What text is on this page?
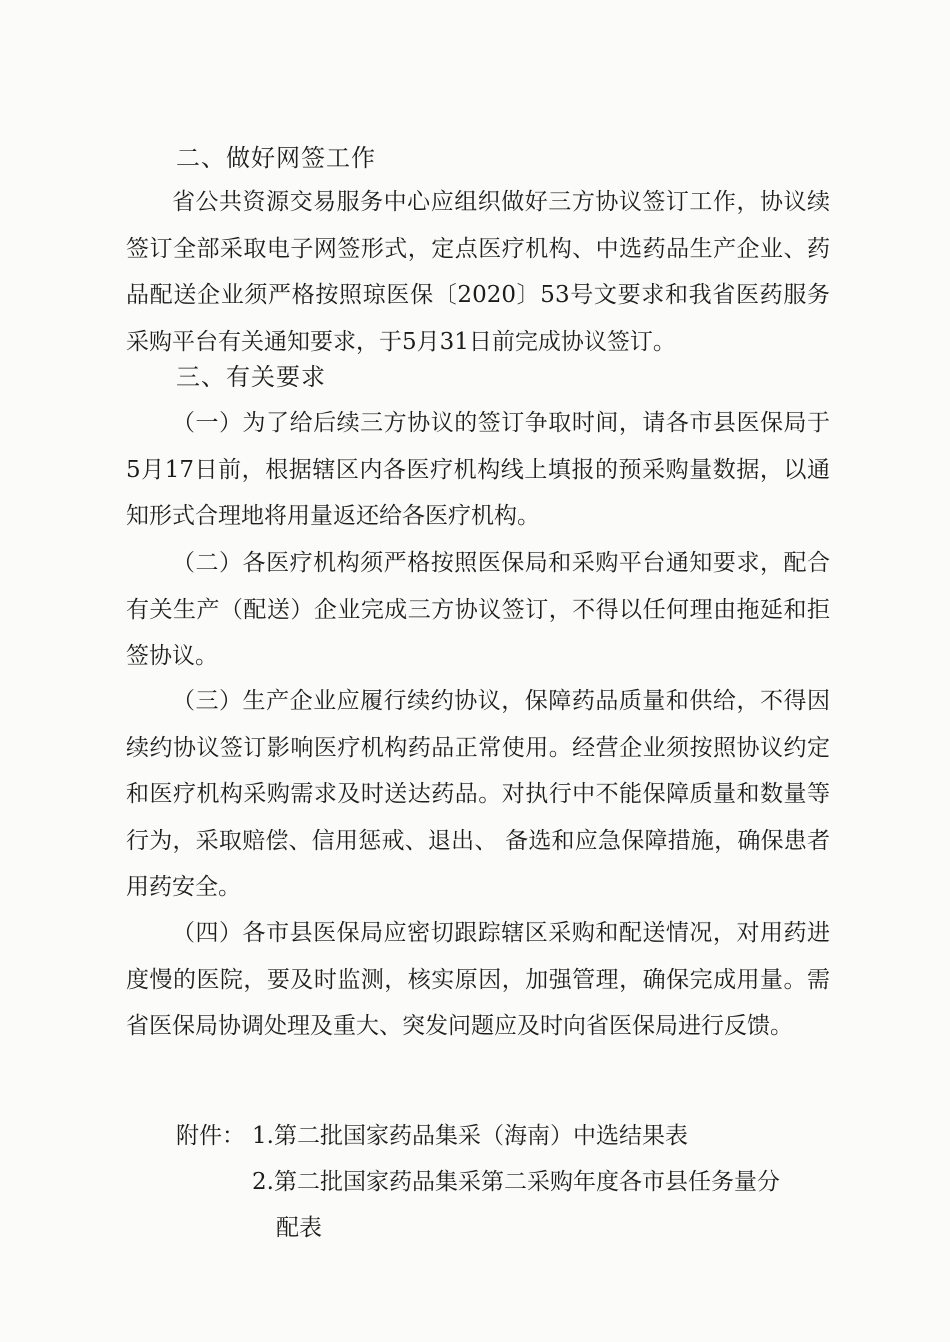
二、做好网签工作

省公共资源交易服务中心应组织做好三方协议签订工作，协议续签订全部采取电子网签形式，定点医疗机构、中选药品生产企业、药品配送企业须严格按照琼医保〔2020〕53号文要求和我省医药服务采购平台有关通知要求，于5月31日前完成协议签订。

三、有关要求

（一）为了给后续三方协议的签订争取时间，请各市县医保局于5月17日前，根据辖区内各医疗机构线上填报的预采购量数据，以通知形式合理地将用量返还给各医疗机构。

（二）各医疗机构须严格按照医保局和采购平台通知要求，配合有关生产（配送）企业完成三方协议签订，不得以任何理由拖延和拒签协议。

（三）生产企业应履行续约协议，保障药品质量和供给，不得因续约协议签订影响医疗机构药品正常使用。经营企业须按照协议约定和医疗机构采购需求及时送达药品。对执行中不能保障质量和数量等行为，采取赔偿、信用惩戒、退出、 备选和应急保障措施，确保患者用药安全。

（四）各市县医保局应密切跟踪辖区采购和配送情况，对用药进度慢的医院，要及时监测，核实原因，加强管理，确保完成用量。需省医保局协调处理及重大、突发问题应及时向省医保局进行反馈。

附件： 1.第二批国家药品集采（海南）中选结果表

2.第二批国家药品集采第二采购年度各市县任务量分
配表
